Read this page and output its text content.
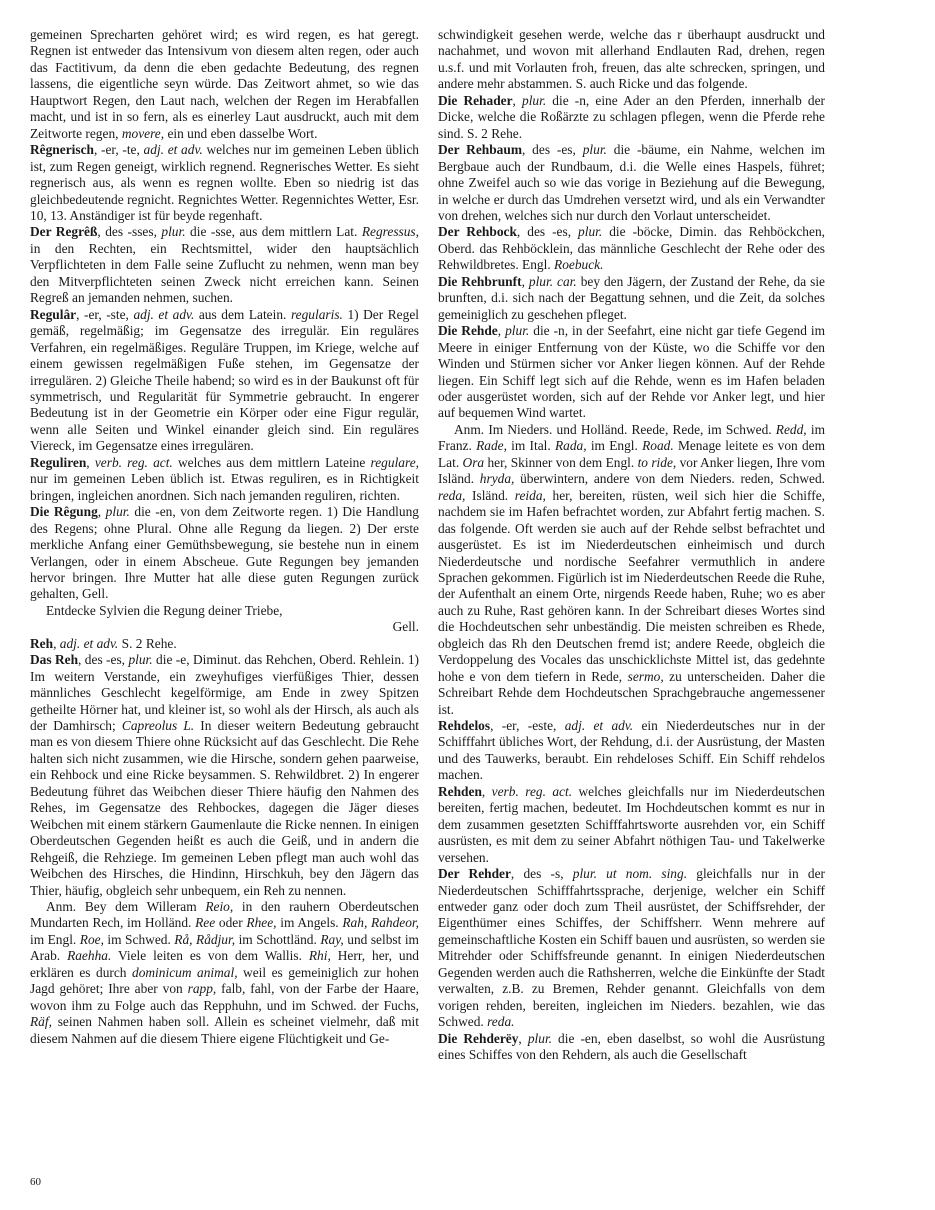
gemeinen Sprecharten gehöret wird; es wird regen, es hat geregt. Regnen ist entweder das Intensivum von diesem alten regen, oder auch das Factitivum, da denn die eben gedachte Bedeutung, des regnen lassens, die eigentliche seyn würde. Das Zeitwort ahmet, so wie das Hauptwort Regen, den Laut nach, welchen der Regen im Herabfallen macht, und ist in so fern, als es einerley Laut ausdruckt, auch mit dem Zeitworte regen, movere, ein und eben dasselbe Wort.

Rêgnerisch, -er, -te, adj. et adv. welches nur im gemeinen Leben üblich ist, zum Regen geneigt, wirklich regnend. Regnerisches Wetter. Es sieht regnerisch aus, als wenn es regnen wollte. Eben so niedrig ist das gleichbedeutende regnicht. Regnichtes Wetter. Regennichtes Wetter, Esr. 10, 13. Anständiger ist für beyde regenhaft.

Der Regrêß, des -sses, plur. die -sse, aus dem mittlern Lat. Regressus, in den Rechten, ein Rechtsmittel, wider den hauptsächlich Verpflichteten in dem Falle seine Zuflucht zu nehmen, wenn man bey den Mitverpflichteten seinen Zweck nicht erreichen kann. Seinen Regreß an jemanden nehmen, suchen.

Regulâr, -er, -ste, adj. et adv. aus dem Latein. regularis. 1) Der Regel gemäß, regelmäßig; im Gegensatze des irregulär. Ein reguläres Verfahren, ein regelmäßiges. Reguläre Truppen, im Kriege, welche auf einem gewissen regelmäßigen Fuße stehen, im Gegensatze der irregulären. 2) Gleiche Theile habend; so wird es in der Baukunst oft für symmetrisch, und Regularität für Symmetrie gebraucht. In engerer Bedeutung ist in der Geometrie ein Körper oder eine Figur regulär, wenn alle Seiten und Winkel einander gleich sind. Ein reguläres Viereck, im Gegensatze eines irregulären.

Reguliren, verb. reg. act. welches aus dem mittlern Lateine regulare, nur im gemeinen Leben üblich ist. Etwas reguliren, es in Richtigkeit bringen, ingleichen anordnen. Sich nach jemanden reguliren, richten.

Die Rêgung, plur. die -en, von dem Zeitworte regen. 1) Die Handlung des Regens; ohne Plural. Ohne alle Regung da liegen. 2) Der erste merkliche Anfang einer Gemüthsbewegung, sie bestehe nun in einem Verlangen, oder in einem Abscheue. Gute Regungen bey jemanden hervor bringen. Ihre Mutter hat alle diese guten Regungen zurück gehalten, Gell.

Entdecke Sylvien die Regung deiner Triebe,

Gell.

Reh, adj. et adv. S. 2 Rehe.

Das Reh, des -es, plur. die -e, Diminut. das Rehchen, Oberd. Rehlein. 1) Im weitern Verstande, ein zweyhufiges vierfüßiges Thier, dessen männliches Geschlecht kegelförmige, am Ende in zwey Spitzen getheilte Hörner hat, und kleiner ist, so wohl als der Hirsch, als auch als der Damhirsch; Capreolus L. In dieser weitern Bedeutung gebraucht man es von diesem Thiere ohne Rücksicht auf das Geschlecht. Die Rehe halten sich nicht zusammen, wie die Hirsche, sondern gehen paarweise, ein Rehbock und eine Ricke beysammen. S. Rehwildbret. 2) In engerer Bedeutung führet das Weibchen dieser Thiere häufig den Nahmen des Rehes, im Gegensatze des Rehbockes, dagegen die Jäger dieses Weibchen mit einem stärkern Gaumenlaute die Ricke nennen. In einigen Oberdeutschen Gegenden heißt es auch die Geiß, und in andern die Rehgeiß, die Rehziege. Im gemeinen Leben pflegt man auch wohl das Weibchen des Hirsches, die Hindinn, Hirschkuh, bey den Jägern das Thier, häufig, obgleich sehr unbequem, ein Reh zu nennen.

Anm. Bey dem Willeram Reio, in den rauhern Oberdeutschen Mundarten Rech, im Holländ. Ree oder Rhee, im Angels. Rah, Rahdeor, im Engl. Roe, im Schwed. Rå, Rådjur, im Schottländ. Ray, und selbst im Arab. Raehha. Viele leiten es von dem Wallis. Rhi, Herr, her, und erklären es durch dominicum animal, weil es gemeiniglich zur hohen Jagd gehöret; Ihre aber von rapp, falb, fahl, von der Farbe der Haare, wovon ihm zu Folge auch das Repphuhn, und im Schwed. der Fuchs, Räf, seinen Nahmen haben soll. Allein es scheinet vielmehr, daß mit diesem Nahmen auf die diesem Thiere eigene Flüchtigkeit und Ge-

schwindigkeit gesehen werde, welche das r überhaupt ausdruckt und nachahmet, und wovon mit allerhand Endlauten Rad, drehen, regen u.s.f. und mit Vorlauten froh, freuen, das alte schrecken, springen, und andere mehr abstammen. S. auch Ricke und das folgende.

Die Rehader, plur. die -n, eine Ader an den Pferden, innerhalb der Dicke, welche die Roßärzte zu schlagen pflegen, wenn die Pferde rehe sind. S. 2 Rehe.

Der Rehbaum, des -es, plur. die -bäume, ein Nahme, welchen im Bergbaue auch der Rundbaum, d.i. die Welle eines Haspels, führet; ohne Zweifel auch so wie das vorige in Beziehung auf die Bewegung, in welche er durch das Umdrehen versetzt wird, und als ein Verwandter von drehen, welches sich nur durch den Vorlaut unterscheidet.

Der Rehbock, des -es, plur. die -böcke, Dimin. das Rehböckchen, Oberd. das Rehböcklein, das männliche Geschlecht der Rehe oder des Rehwildbretes. Engl. Roebuck.

Die Rehbrunft, plur. car. bey den Jägern, der Zustand der Rehe, da sie brunften, d.i. sich nach der Begattung sehnen, und die Zeit, da solches gemeiniglich zu geschehen pfleget.

Die Rehde, plur. die -n, in der Seefahrt, eine nicht gar tiefe Gegend im Meere in einiger Entfernung von der Küste, wo die Schiffe vor den Winden und Stürmen sicher vor Anker liegen können. Auf der Rehde liegen. Ein Schiff legt sich auf die Rehde, wenn es im Hafen beladen oder ausgerüstet worden, sich auf der Rehde vor Anker legt, und hier auf bequemen Wind wartet.

Anm. Im Nieders. und Holländ. Reede, Rede, im Schwed. Redd, im Franz. Rade, im Ital. Rada, im Engl. Road. Menage leitete es von dem Lat. Ora her, Skinner von dem Engl. to ride, vor Anker liegen, Ihre vom Isländ. hryda, überwintern, andere von dem Nieders. reden, Schwed. reda, Isländ. reida, her, bereiten, rüsten, weil sich hier die Schiffe, nachdem sie im Hafen befrachtet worden, zur Abfahrt fertig machen. S. das folgende. Oft werden sie auch auf der Rehde selbst befrachtet und ausgerüstet. Es ist im Niederdeutschen einheimisch und durch Niederdeutsche und nordische Seefahrer vermuthlich in andere Sprachen gekommen. Figürlich ist im Niederdeutschen Reede die Ruhe, der Aufenthalt an einem Orte, nirgends Reede haben, Ruhe; wo es aber auch zu Ruhe, Rast gehören kann. In der Schreibart dieses Wortes sind die Hochdeutschen sehr unbeständig. Die meisten schreiben es Rhede, obgleich das Rh den Deutschen fremd ist; andere Reede, obgleich die Verdoppelung des Vocales das unschicklichste Mittel ist, das gedehnte hohe e von dem tiefern in Rede, sermo, zu unterscheiden. Daher die Schreibart Rehde dem Hochdeutschen Sprachgebrauche angemessener ist.

Rehdelos, -er, -este, adj. et adv. ein Niederdeutsches nur in der Schifffahrt übliches Wort, der Rehdung, d.i. der Ausrüstung, der Masten und des Tauwerks, beraubt. Ein rehdeloses Schiff. Ein Schiff rehdelos machen.

Rehden, verb. reg. act. welches gleichfalls nur im Niederdeutschen bereiten, fertig machen, bedeutet. Im Hochdeutschen kommt es nur in dem zusammen gesetzten Schifffahrtsworte ausrehden vor, ein Schiff ausrüsten, es mit dem zu seiner Abfahrt nöthigen Tau- und Takelwerke versehen.

Der Rehder, des -s, plur. ut nom. sing. gleichfalls nur in der Niederdeutschen Schifffahrtssprache, derjenige, welcher ein Schiff entweder ganz oder doch zum Theil ausrüstet, der Schiffsrehder, der Eigenthümer eines Schiffes, der Schiffsherr. Wenn mehrere auf gemeinschaftliche Kosten ein Schiff bauen und ausrüsten, so werden sie Mitrehder oder Schiffsfreunde genannt. In einigen Niederdeutschen Gegenden werden auch die Rathsherren, welche die Einkünfte der Stadt verwalten, z.B. zu Bremen, Rehder genannt. Gleichfalls von dem vorigen rehden, bereiten, ingleichen im Nieders. bezahlen, wie das Schwed. reda.

Die Rehderëy, plur. die -en, eben daselbst, so wohl die Ausrüstung eines Schiffes von den Rehdern, als auch die Gesellschaft

60
